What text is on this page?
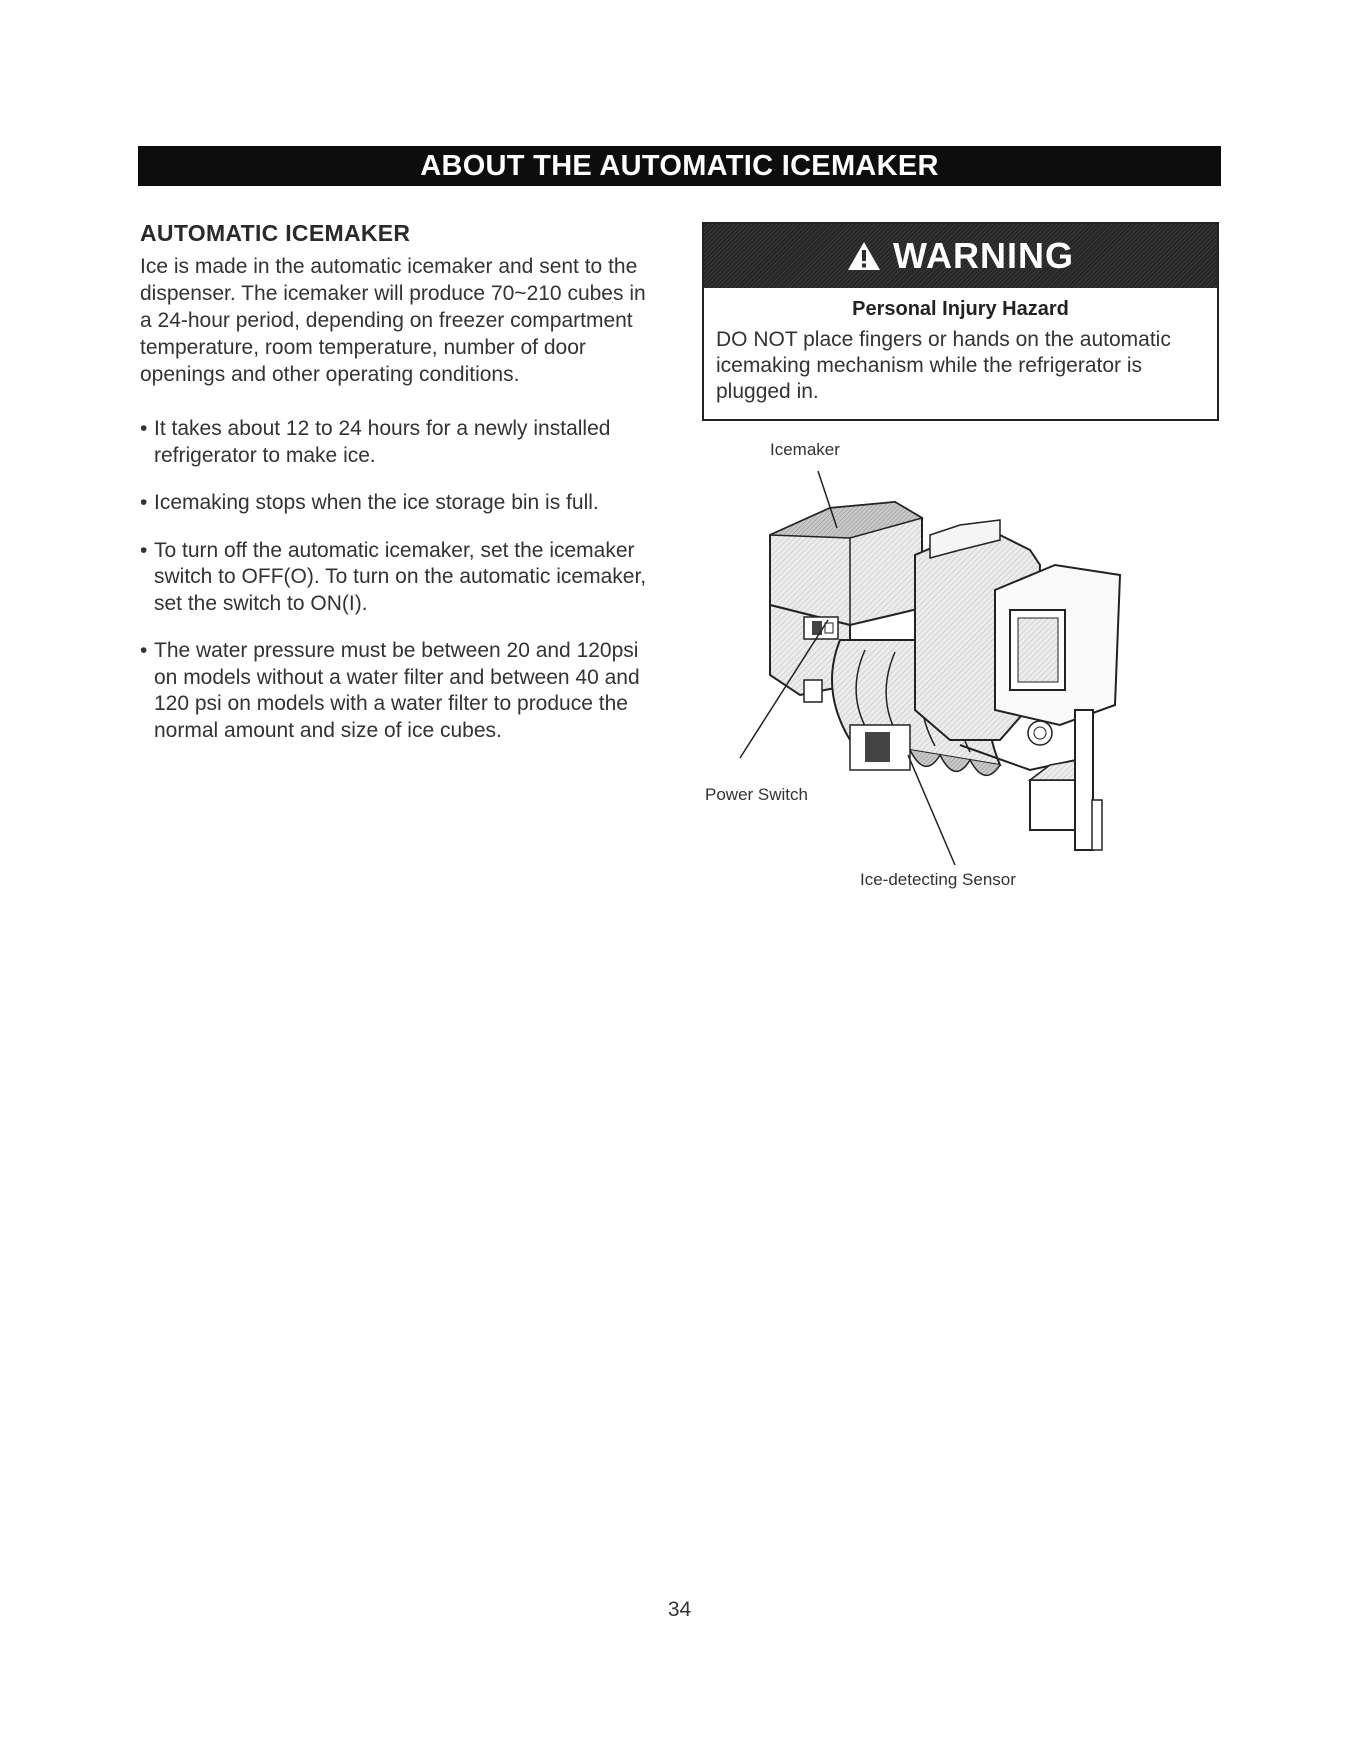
ABOUT THE AUTOMATIC ICEMAKER
AUTOMATIC ICEMAKER

Ice is made in the automatic icemaker and sent to the dispenser. The icemaker will produce 70~210 cubes in a 24-hour period, depending on freezer compartment temperature, room temperature, number of door openings and other operating conditions.

• It takes about 12 to 24 hours for a newly installed refrigerator to make ice.
• Icemaking stops when the ice storage bin is full.
• To turn off the automatic icemaker, set the icemaker switch to OFF(O). To turn on the automatic icemaker, set the switch to ON(I).
• The water pressure must be between 20 and 120psi on models without a water filter and between 40 and 120 psi on models with a water filter to produce the normal amount and size of ice cubes.
WARNING
Personal Injury Hazard

DO NOT place fingers or hands on the automatic icemaking mechanism while the refrigerator is plugged in.

Icemaker
Power Switch
Ice-detecting Sensor
34
